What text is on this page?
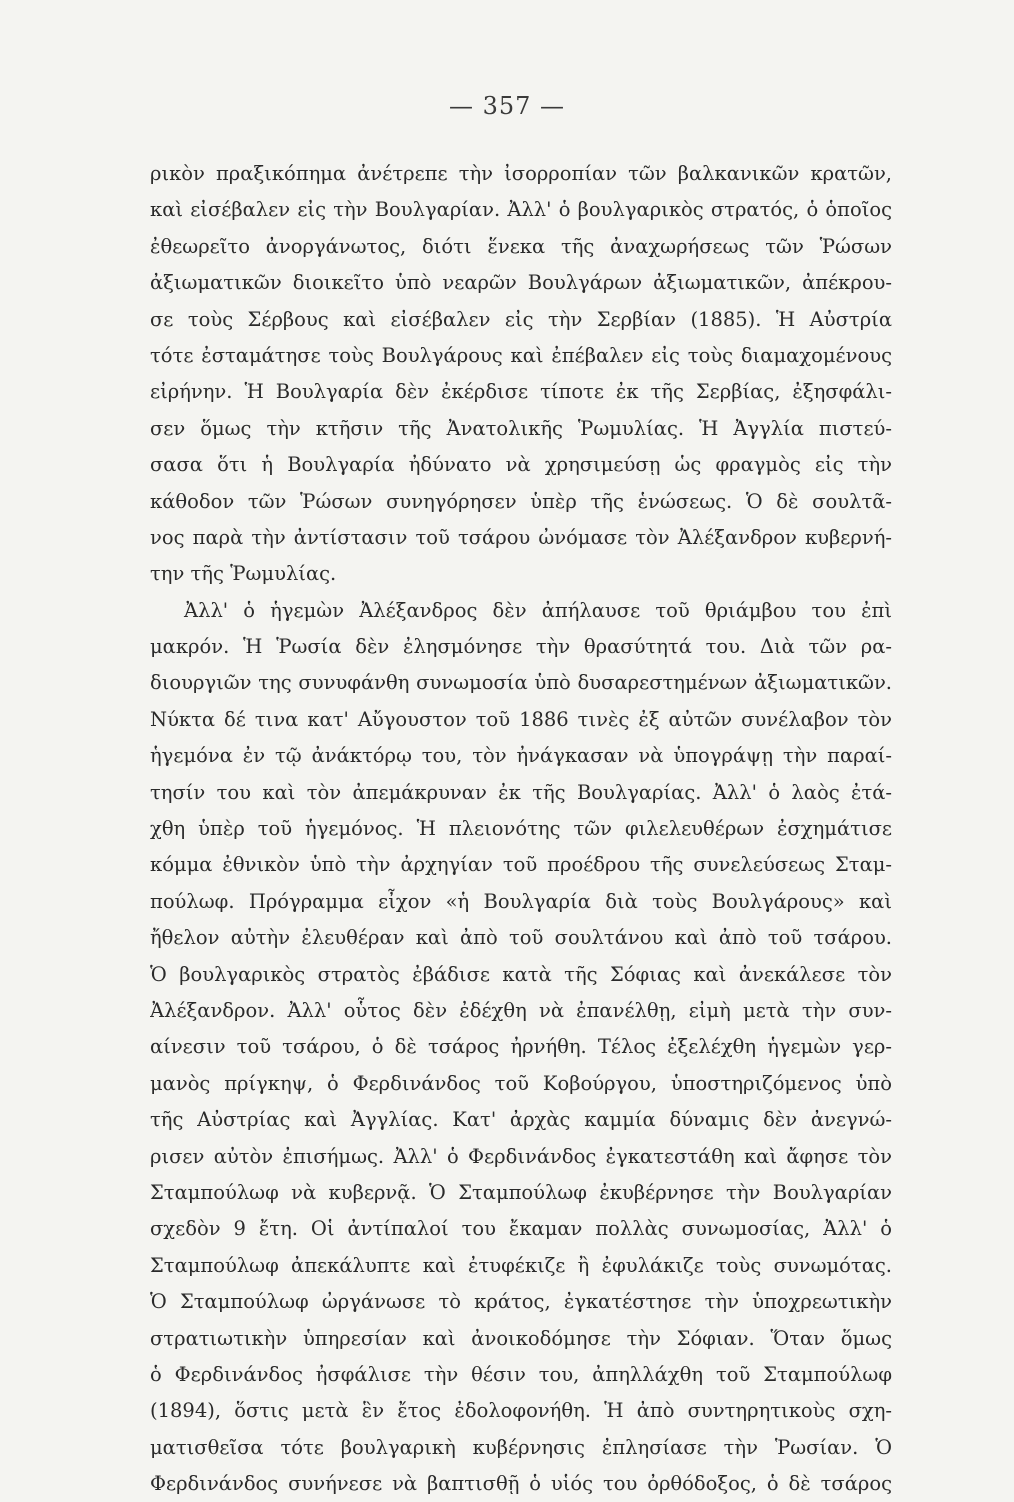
— 357 —
ρικὸν πραξικόπημα ἀνέτρεπε τὴν ἰσορροπίαν τῶν βαλκανικῶν κρατῶν,
καὶ εἰσέβαλεν εἰς τὴν Βουλγαρίαν. Ἀλλ' ὁ βουλγαρικὸς στρατός, ὁ ὁποῖος
ἐθεωρεῖτο ἀνοργάνωτος, διότι ἕνεκα τῆς ἀναχωρήσεως τῶν Ῥώσων
ἀξιωματικῶν διοικεῖτο ὑπὸ νεαρῶν Βουλγάρων ἀξιωματικῶν, ἀπέκρου-
σε τοὺς Σέρβους καὶ εἰσέβαλεν εἰς τὴν Σερβίαν (1885). Ἡ Αὐστρία
τότε ἐσταμάτησε τοὺς Βουλγάρους καὶ ἐπέβαλεν εἰς τοὺς διαμαχομένους
εἰρήνην. Ἡ Βουλγαρία δὲν ἐκέρδισε τίποτε ἐκ τῆς Σερβίας, ἐξησφάλι-
σεν ὅμως τὴν κτῆσιν τῆς Ἀνατολικῆς Ῥωμυλίας. Ἡ Ἀγγλία πιστεύ-
σασα ὅτι ἡ Βουλγαρία ἠδύνατο νὰ χρησιμεύσῃ ὡς φραγμὸς εἰς τὴν
κάθοδον τῶν Ῥώσων συνηγόρησεν ὑπὲρ τῆς ἑνώσεως. Ὁ δὲ σουλτᾶ-
νος παρὰ τὴν ἀντίστασιν τοῦ τσάρου ὠνόμασε τὸν Ἀλέξανδρον κυβερνή-
την τῆς Ῥωμυλίας.
Ἀλλ' ὁ ἡγεμὼν Ἀλέξανδρος δὲν ἀπήλαυσε τοῦ θριάμβου του ἐπὶ
μακρόν. Ἡ Ῥωσία δὲν ἐλησμόνησε τὴν θρασύτητά του. Διὰ τῶν ρα-
διουργιῶν της συνυφάνθη συνωμοσία ὑπὸ δυσαρεστημένων ἀξιωματικῶν.
Νύκτα δέ τινα κατ' Αὔγουστον τοῦ 1886 τινὲς ἐξ αὐτῶν συνέλαβον τὸν
ἡγεμόνα ἐν τῷ ἀνάκτόρῳ του, τὸν ἠνάγκασαν νὰ ὑπογράψῃ τὴν παραί-
τησίν του καὶ τὸν ἀπεμάκρυναν ἐκ τῆς Βουλγαρίας. Ἀλλ' ὁ λαὸς ἐτά-
χθη ὑπὲρ τοῦ ἡγεμόνος. Ἡ πλειονότης τῶν φιλελευθέρων ἐσχημάτισε
κόμμα ἐθνικὸν ὑπὸ τὴν ἀρχηγίαν τοῦ προέδρου τῆς συνελεύσεως Σταμ-
πούλωφ. Πρόγραμμα εἶχον «ἡ Βουλγαρία διὰ τοὺς Βουλγάρους» καὶ
ἤθελον αὐτὴν ἐλευθέραν καὶ ἀπὸ τοῦ σουλτάνου καὶ ἀπὸ τοῦ τσάρου.
Ὁ βουλγαρικὸς στρατὸς ἐβάδισε κατὰ τῆς Σόφιας καὶ ἀνεκάλεσε τὸν
Ἀλέξανδρον. Ἀλλ' οὗτος δὲν ἐδέχθη νὰ ἐπανέλθῃ, εἰμὴ μετὰ τὴν συν-
αίνεσιν τοῦ τσάρου, ὁ δὲ τσάρος ἠρνήθη. Τέλος ἐξελέχθη ἡγεμὼν γερ-
μανὸς πρίγκηψ, ὁ Φερδινάνδος τοῦ Κοβούργου, ὑποστηριζόμενος ὑπὸ
τῆς Αὐστρίας καὶ Ἀγγλίας. Κατ' ἀρχὰς καμμία δύναμις δὲν ἀνεγνώ-
ρισεν αὐτὸν ἐπισήμως. Ἀλλ' ὁ Φερδινάνδος ἐγκατεστάθη καὶ ἄφησε τὸν
Σταμπούλωφ νὰ κυβερνᾷ. Ὁ Σταμπούλωφ ἐκυβέρνησε τὴν Βουλγαρίαν
σχεδὸν 9 ἔτη. Οἱ ἀντίπαλοί του ἔκαμαν πολλὰς συνωμοσίας, Ἀλλ' ὁ
Σταμπούλωφ ἀπεκάλυπτε καὶ ἐτυφέκιζε ἢ ἐφυλάκιζε τοὺς συνωμότας.
Ὁ Σταμπούλωφ ὠργάνωσε τὸ κράτος, ἐγκατέστησε τὴν ὑποχρεωτικὴν
στρατιωτικὴν ὑπηρεσίαν καὶ ἀνοικοδόμησε τὴν Σόφιαν. Ὅταν ὅμως
ὁ Φερδινάνδος ἠσφάλισε τὴν θέσιν του, ἀπηλλάχθη τοῦ Σταμπούλωφ
(1894), ὅστις μετὰ ἓν ἔτος ἐδολοφονήθη. Ἡ ἀπὸ συντηρητικοὺς σχη-
ματισθεῖσα τότε βουλγαρικὴ κυβέρνησις ἐπλησίασε τὴν Ῥωσίαν. Ὁ
Φερδινάνδος συνήνεσε νὰ βαπτισθῇ ὁ υἱός του ὀρθόδοξος, ὁ δὲ τσάρος
